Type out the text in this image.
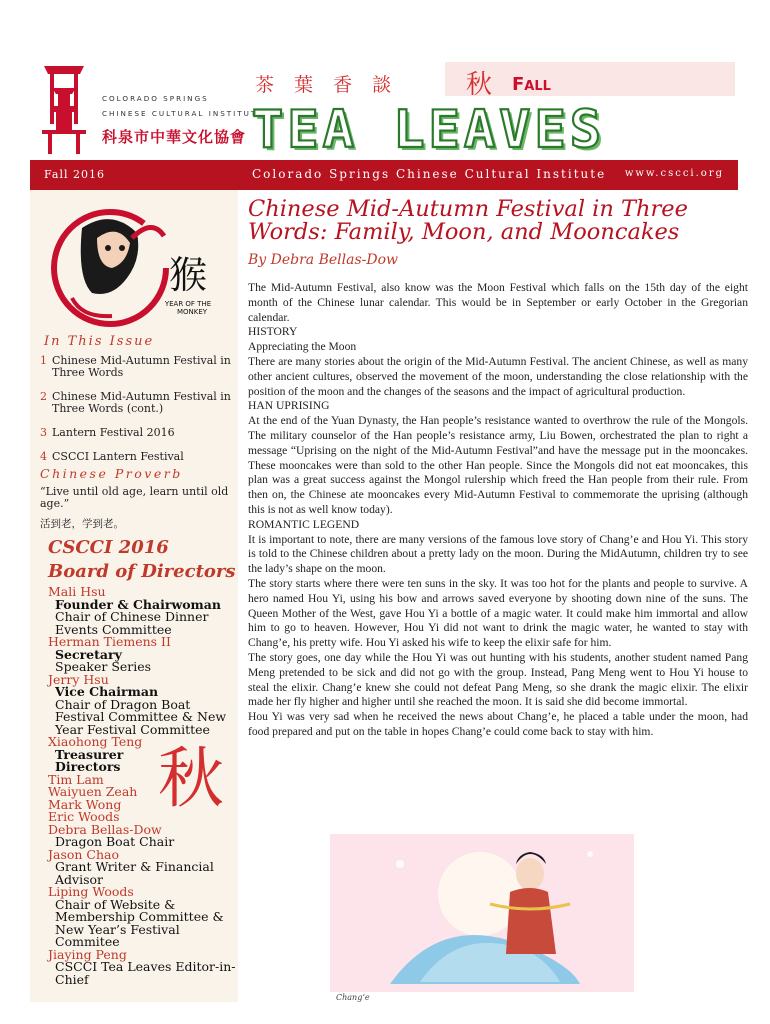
COLORADO SPRINGS
CHINESE CULTURAL INSTITUTE
科泉市中華文化協會
茶 葉 香 談	秋 Fall
TEA LEAVES
Fall 2016	Colorado Springs Chinese Cultural Institute www.cscci.org
猴
YEAR OF THE
MONKEY
In This Issue
1 Chinese Mid-Autumn Festival in Three Words
2 Chinese Mid-Autumn Festival in Three Words (cont.)
3 Lantern Festival 2016
4 CSCCI Lantern Festival
Chinese Proverb
“Live until old age, learn until old age.”
活到老，学到老。
CSCCI 2016
Board of Directors
Mali Hsu
Founder & Chairwoman
Chair of Chinese Dinner Events Committee
Herman Tiemens II
Secretary
Speaker Series
Jerry Hsu
Vice Chairman
Chair of Dragon Boat Festival Committee & New Year Festival Committee
Xiaohong Teng
Treasurer
Directors
Tim Lam
Waiyuen Zeah
Mark Wong
Eric Woods
Debra Bellas-Dow
Dragon Boat Chair
Jason Chao
Grant Writer & Financial Advisor
Liping Woods
Chair of Website & Membership Committee & New Year’s Festival Commitee
Jiaying Peng
CSCCI Tea Leaves Editor-in-Chief
秋
Chinese Mid-Autumn Festival in Three Words: Family, Moon, and Mooncakes
By Debra Bellas-Dow

The Mid-Autumn Festival, also know was the Moon Festival which falls on the 15th day of the eight month of the Chinese lunar calendar. This would be in September or early October in the Gregorian calendar.

HISTORY

Appreciating the Moon

There are many stories about the origin of the Mid-Autumn Festival. The ancient Chinese, as well as many other ancient cultures, observed the movement of the moon, understanding the close relationship with the position of the moon and the changes of the seasons and the impact of agricultural production.

HAN UPRISING

At the end of the Yuan Dynasty, the Han people’s resistance wanted to overthrow the rule of the Mongols. The military counselor of the Han people’s resistance army, Liu Bowen, orchestrated the plan to right a message “Uprising on the night of the Mid-Autumn Festival”and have the message put in the mooncakes. These mooncakes were than sold to the other Han people. Since the Mongols did not eat mooncakes, this plan was a great success against the Mongol rulership which freed the Han people from their rule. From then on, the Chinese ate mooncakes every Mid-Autumn Festival to commemorate the uprising (although this is not as well know today).

ROMANTIC LEGEND

It is important to note, there are many versions of the famous love story of Chang’e and Hou Yi. This story is told to the Chinese children about a pretty lady on the moon. During the MidAutumn, children try to see the lady’s shape on the moon.

The story starts where there were ten suns in the sky. It was too hot for the plants and people to survive. A hero named Hou Yi, using his bow and arrows saved everyone by shooting down nine of the suns. The Queen Mother of the West, gave Hou Yi a bottle of a magic water. It could make him immortal and allow him to go to heaven. However, Hou Yi did not want to drink the magic water, he wanted to stay with Chang’e, his pretty wife. Hou Yi asked his wife to keep the elixir safe for him.

The story goes, one day while the Hou Yi was out hunting with his students, another student named Pang Meng pretended to be sick and did not go with the group. Instead, Pang Meng went to Hou Yi house to steal the elixir. Chang’e knew she could not defeat Pang Meng, so she drank the magic elixir. The elixir made her fly higher and higher until she reached the moon. It is said she did become immortal.

Hou Yi was very sad when he received the news about Chang’e, he placed a table under the moon, had food prepared and put on the table in hopes Chang’e could come back to stay with him.

Chang’e
